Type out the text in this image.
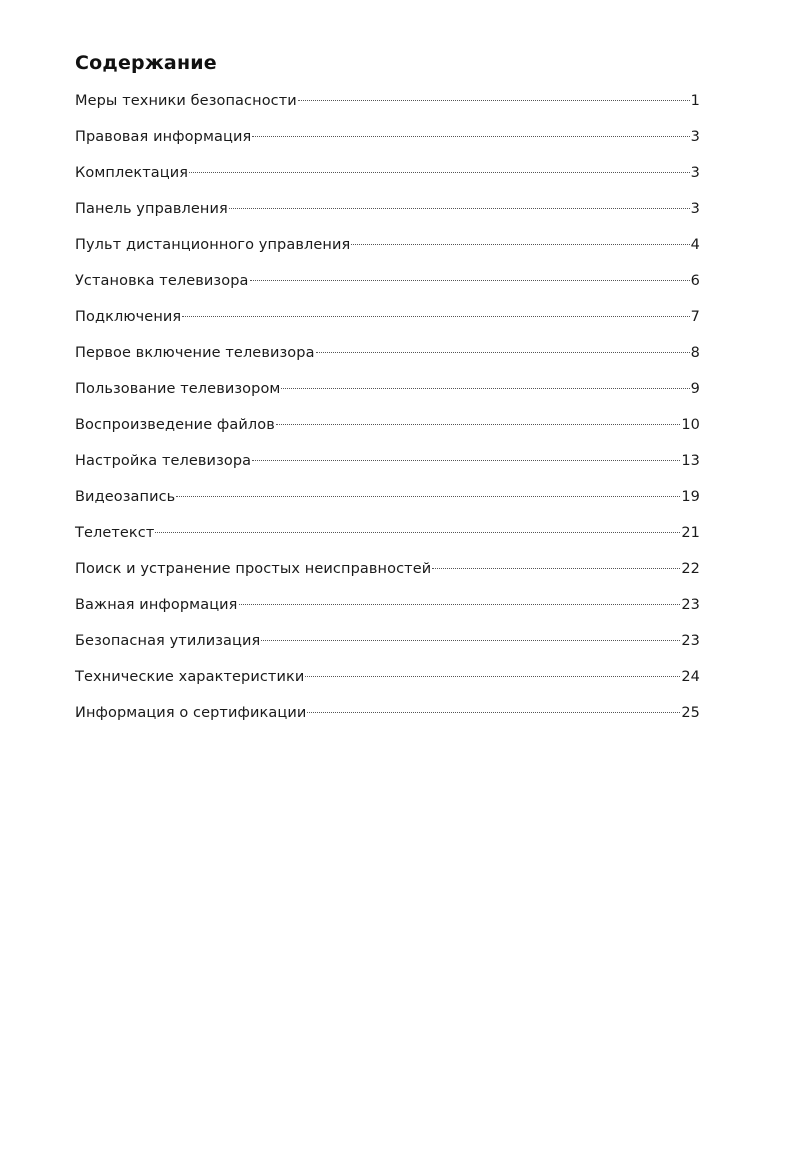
Содержание
Меры техники безопасности	1
Правовая информация	3
Комплектация	3
Панель управления	3
Пульт дистанционного управления	4
Установка телевизора	6
Подключения	7
Первое включение телевизора	8
Пользование телевизором	9
Воспроизведение файлов	10
Настройка телевизора	13
Видеозапись	19
Телетекст	21
Поиск и устранение простых неисправностей	22
Важная информация	23
Безопасная утилизация	23
Технические характеристики	24
Информация о сертификации	25
